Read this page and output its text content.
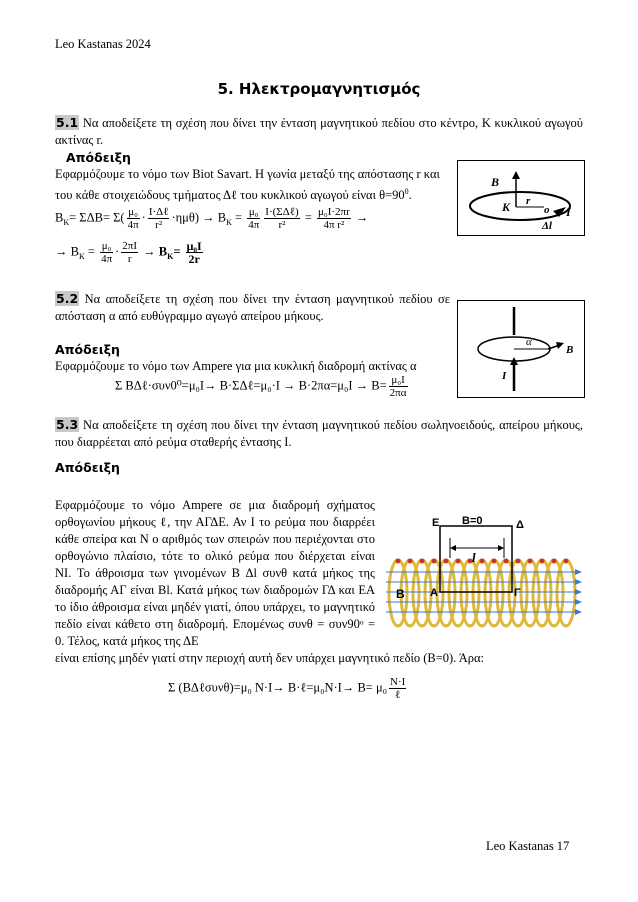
Leo Kastanas 2024
5. Ηλεκτρομαγνητισμός
5.1 Να αποδείξετε τη σχέση που δίνει την ένταση μαγνητικού πεδίου στο κέντρο, Κ κυκλικού αγωγού ακτίνας r.
Απόδειξη
Εφαρμόζουμε το νόμο των Biot Savart. Η γωνία μεταξύ της απόστασης r και του κάθε στοιχειώδους τμήματος Δℓ του κυκλικού αγωγού είναι $\theta=90^0$.
$B_K= \Sigma\Delta B= \Sigma( \frac{\text{μ₀}}{4\pi} \cdot \frac{\text{I·Δℓ}}{\text{r²}} \cdot\eta\mu\theta) \to B_K = \frac{\text{μ₀}}{4\pi} \frac{\text{I·(ΣΔℓ)}}{\text{r²}} = \frac{\text{μ₀I·2πr}}{\text{4π r²}}$ →
→ $B_K = \frac{\text{μ₀}}{4\pi} \cdot \frac{2\pi I}{r} \to B_K= \frac{\text{μ₀I}}{2r}$
B
K r
o I
Δl
5.2 Να αποδείξετε τη σχέση που δίνει την ένταση μαγνητικού πεδίου σε απόσταση α από ευθύγραμμο αγωγό απείρου μήκους.
Απόδειξη
Εφαρμόζουμε το νόμο των Ampere για μια κυκλική διαδρομή ακτίνας α
Σ BΔℓ·συν0⁰=μ₀I→ B·ΣΔℓ=μ₀·I → $B\cdot 2\pi\alpha=\mu_0I \to B= \frac{\text{μ₀I}}{2\pi\alpha}$
α
B
I
5.3 Να αποδείξετε τη σχέση που δίνει την ένταση μαγνητικού πεδίου σωληνοειδούς, απείρου μήκους, που διαρρέεται από ρεύμα σταθερής έντασης I.
Απόδειξη
Εφαρμόζουμε το νόμο Ampere σε μια διαδρομή σχήματος ορθογωνίου μήκους ℓ, την ΑΓΔΕ. Αν I το ρεύμα που διαρρέει κάθε σπείρα και N ο αριθμός των σπειρών που περιέχονται στο ορθογώνιο πλαίσιο, τότε το ολικό ρεύμα που διέρχεται είναι NI. Το άθροισμα των γινομένων B Δl συνθ κατά μήκος της διαδρομής ΑΓ είναι Bl. Κατά μήκος των διαδρομών ΓΔ και ΕΑ το ίδιο άθροισμα είναι μηδέν γιατί, όπου υπάρχει, το μαγνητικό πεδίο είναι κάθετο στη διαδρομή. Επομένως συνθ = συν90ᵒ = 0. Τέλος, κατά μήκος της ΔΕ
είναι επίσης μηδέν γιατί στην περιοχή αυτή δεν υπάρχει μαγνητικό πεδίο (B=0). Άρα:
Σ (BΔℓσυνθ)=μ₀ N·I→ B·ℓ=μ₀N·I→ $B= \mu_0 \frac{N\cdot I}{\text{ℓ}}$
Ε B=0	Δ
l
B Α	Γ
Leo Kastanas 17
